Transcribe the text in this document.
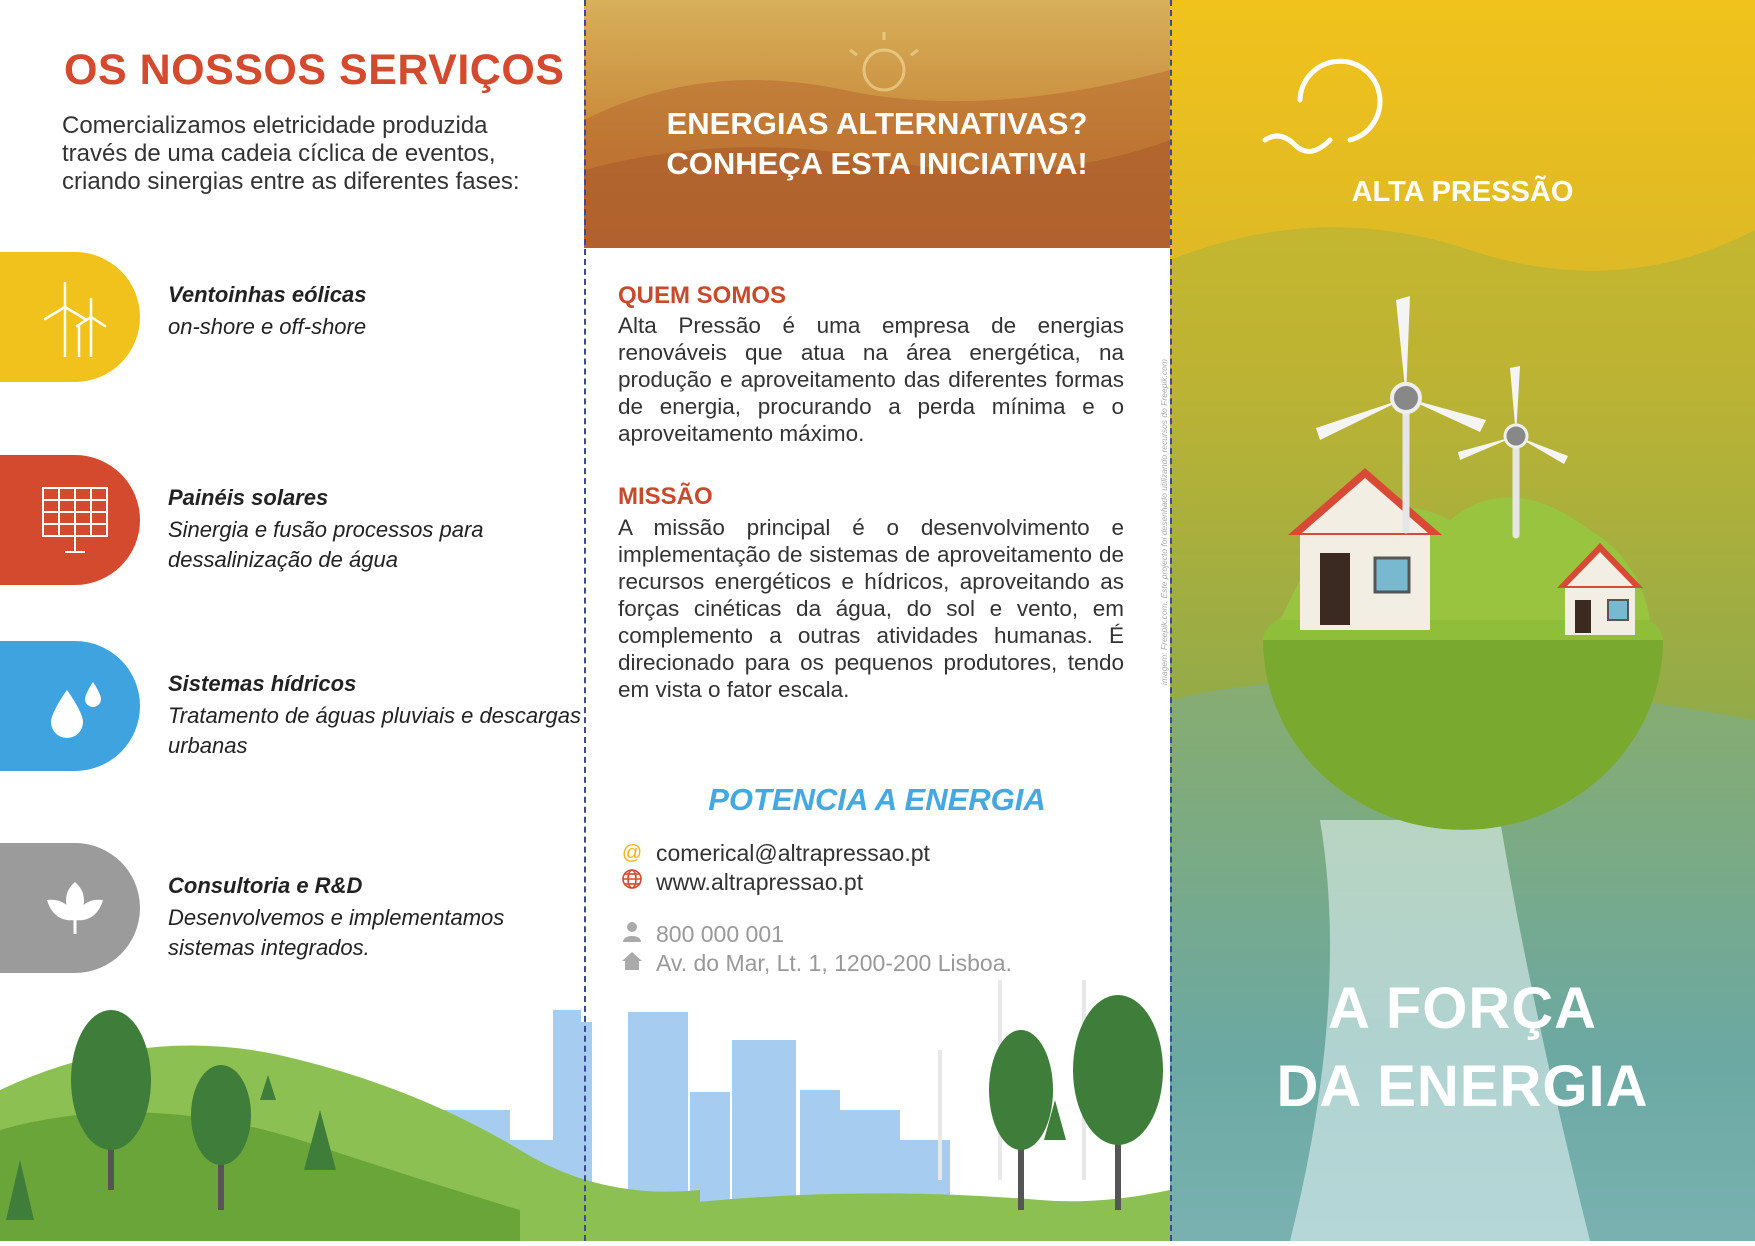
OS NOSSOS SERVIÇOS
Comercializamos eletricidade produzida través de uma cadeia cíclica de eventos, criando sinergias entre as diferentes fases:
Ventoinhas eólicas
on-shore e off-shore
Painéis solares
Sinergia e fusão processos para dessalinização de água
Sistemas hídricos
Tratamento de águas pluviais e descargas urbanas
Consultoria e R&D
Desenvolvemos e implementamos sistemas integrados.
ENERGIAS ALTERNATIVAS?
CONHEÇA ESTA INICIATIVA!
QUEM SOMOS
Alta Pressão é uma empresa de energias renováveis que atua na área energética, na produção e aproveitamento das diferentes formas de energia, procurando a perda mínima e o aproveitamento máximo.
MISSÃO
A missão principal é o desenvolvimento e implementação de sistemas de aproveitamento de recursos energéticos e hídricos, aproveitando as forças cinéticas da água, do sol e vento, em complemento a outras atividades humanas. É direcionado para os pequenos produtores, tendo em vista o fator escala.
imagem: Freepik.com. Este projecto foi desenhado utilizando recursos do Freepik.com
POTENCIA A ENERGIA
@ comerical@altrapressao.pt
www.altrapressao.pt
800 000 001
Av. do Mar, Lt. 1, 1200-200 Lisboa.
ALTA PRESSÃO
A FORÇA
DA ENERGIA
